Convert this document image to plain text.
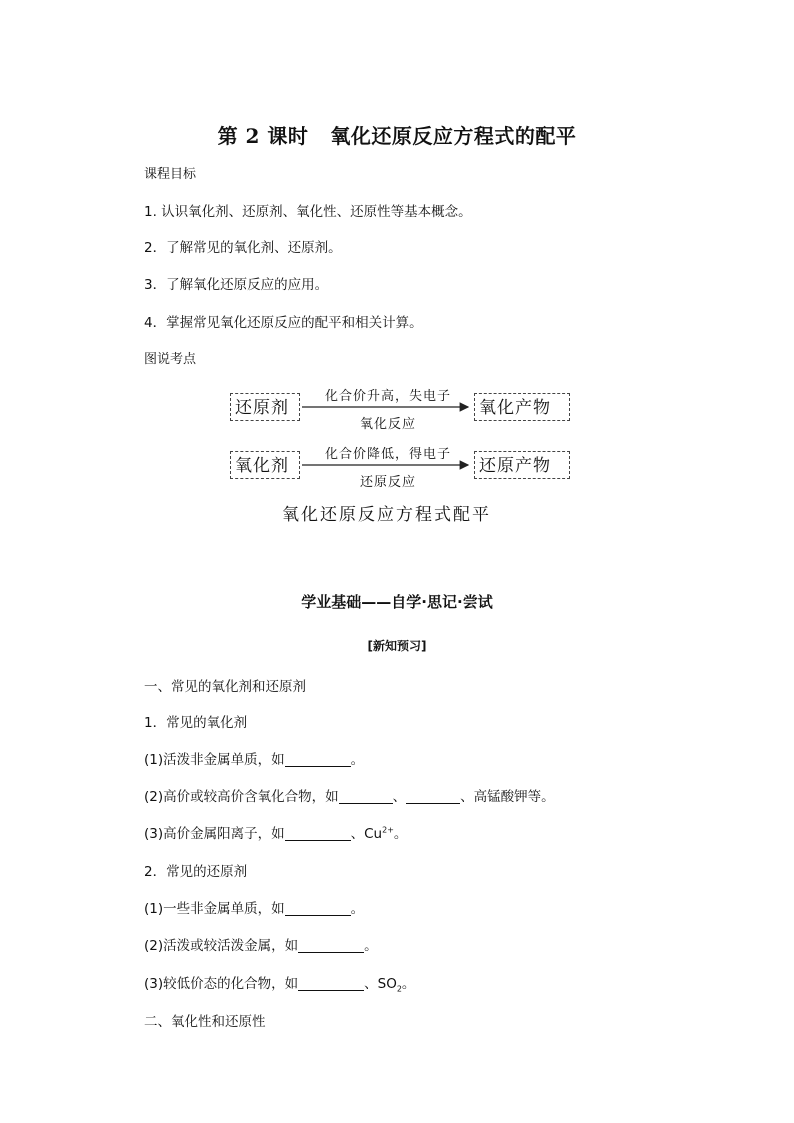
第 2 课时 氧化还原反应方程式的配平
课程目标
1. 认识氧化剂、还原剂、氧化性、还原性等基本概念。
2．了解常见的氧化剂、还原剂。
3．了解氧化还原反应的应用。
4．掌握常见氧化还原反应的配平和相关计算。
图说考点
还原剂
化合价升高，失电子
氧化反应
氧化产物
氧化剂
化合价降低，得电子
还原反应
还原产物
氧化还原反应方程式配平
学业基础——自学·思记·尝试
[新知预习]
一、常见的氧化剂和还原剂
1．常见的氧化剂
(1)活泼非金属单质，如	。
(2)高价或较高价含氧化合物，如	、	、高锰酸钾等。
(3)高价金属阳离子，如	、$Cu^{2+}$。
2．常见的还原剂
(1)一些非金属单质，如	。
(2)活泼或较活泼金属，如	。
(3)较低价态的化合物，如	、$SO_2$。
二、氧化性和还原性
